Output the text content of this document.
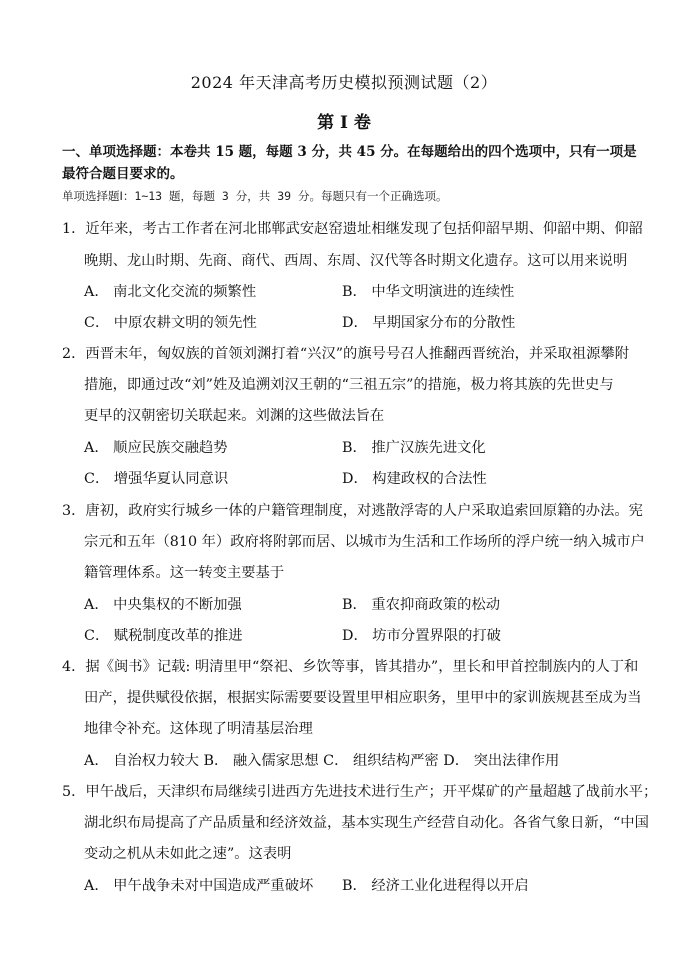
2024 年天津高考历史模拟预测试题（2）
第 I 卷
一、单项选择题：本卷共 15 题，每题 3 分，共 45 分。在每题给出的四个选项中，只有一项是
最符合题目要求的。
单项选择题Ⅰ：1~13 题，每题 3 分，共 39 分。每题只有一个正确选项。
1．近年来，考古工作者在河北邯郸武安赵窑遗址相继发现了包括仰韶早期、仰韶中期、仰韶
晚期、龙山时期、先商、商代、西周、东周、汉代等各时期文化遗存。这可以用来说明
A． 南北文化交流的频繁性	B． 中华文明演进的连续性
C． 中原农耕文明的领先性	D． 早期国家分布的分散性
2．西晋末年，匈奴族的首领刘渊打着“兴汉”的旗号号召人推翻西晋统治，并采取祖源攀附
措施，即通过改“刘”姓及追溯刘汉王朝的“三祖五宗”的措施，极力将其族的先世史与
更早的汉朝密切关联起来。刘渊的这些做法旨在
A． 顺应民族交融趋势	B． 推广汉族先进文化
C． 增强华夏认同意识	D． 构建政权的合法性
3．唐初，政府实行城乡一体的户籍管理制度，对逃散浮寄的人户采取追索回原籍的办法。宪
宗元和五年（810 年）政府将附郭而居、以城市为生活和工作场所的浮户统一纳入城市户
籍管理体系。这一转变主要基于
A． 中央集权的不断加强	B． 重农抑商政策的松动
C． 赋税制度改革的推进	D． 坊市分置界限的打破
4．据《闽书》记载: 明清里甲“祭祀、乡饮等事，皆其措办”，里长和甲首控制族内的人丁和
田产，提供赋役依据，根据实际需要要设置里甲相应职务，里甲中的家训族规甚至成为当
地律令补充。这体现了明清基层治理
A． 自治权力较大 B． 融入儒家思想 C． 组织结构严密 D． 突出法律作用
5．甲午战后，天津织布局继续引进西方先进技术进行生产；开平煤矿的产量超越了战前水平；
湖北织布局提高了产品质量和经济效益，基本实现生产经营自动化。各省气象日新，“中国
变动之机从未如此之速”。这表明
A． 甲午战争未对中国造成严重破坏 B． 经济工业化进程得以开启
